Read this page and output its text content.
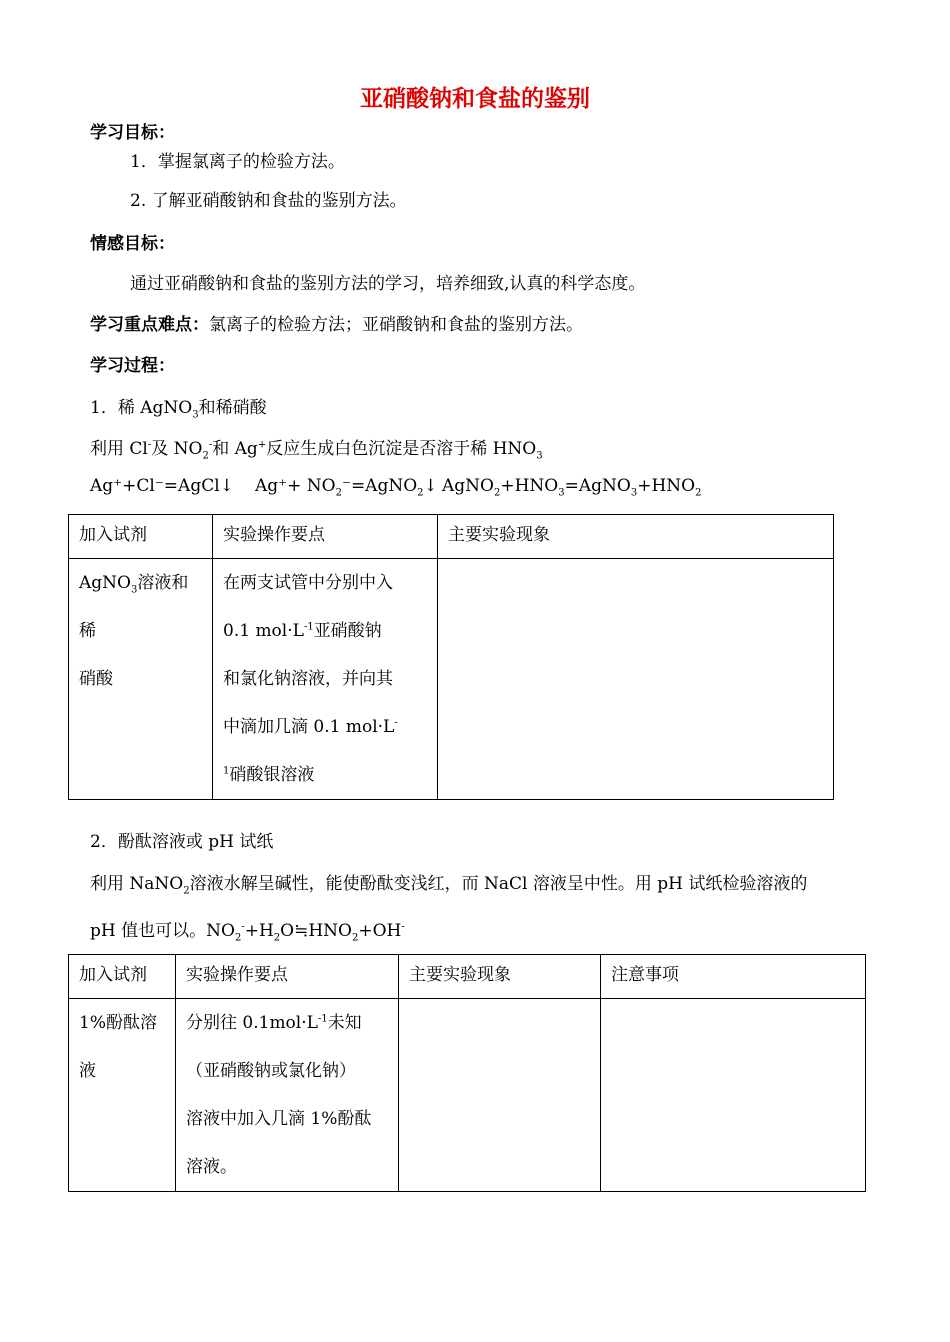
亚硝酸钠和食盐的鉴别
学习目标：
1．掌握氯离子的检验方法。
2. 了解亚硝酸钠和食盐的鉴别方法。
情感目标：
通过亚硝酸钠和食盐的鉴别方法的学习，培养细致,认真的科学态度。
学习重点难点：氯离子的检验方法；亚硝酸钠和食盐的鉴别方法。
学习过程：
1．稀 AgNO$_3$和稀硝酸
利用 Cl-及 $NO_2^-$和 Ag+反应生成白色沉淀是否溶于稀 $HNO_3$
Ag⁺+Cl⁻=AgCl↓ $Ag^++ NO_2^-=AgNO_2↓$ $AgNO_2+HNO_3=AgNO_3+HNO_2$
加入试剂	实验操作要点	主要实验现象

AgNO$_3$溶液和稀
硝酸	在两支试管中分别中入
0.1 $mol\cdot L^{-1}$亚硝酸钠
和氯化钠溶液，并向其
中滴加几滴 0.1 mol·L-
$^1$硝酸银溶液	

2．酚酞溶液或 pH 试纸
利用 NaNO$_2$溶液水解呈碱性，能使酚酞变浅红，而 NaCl 溶液呈中性。用 pH 试纸检验溶液的
pH 值也可以。$NO_2^-+H_2O≒HNO_2+OH^-$
加入试剂	实验操作要点	主要实验现象	注意事项

1%酚酞溶
液	分别往 $0.1mol\cdot L^{-1}$未知
（亚硝酸钠或氯化钠）
溶液中加入几滴 1%酚酞
溶液。		
